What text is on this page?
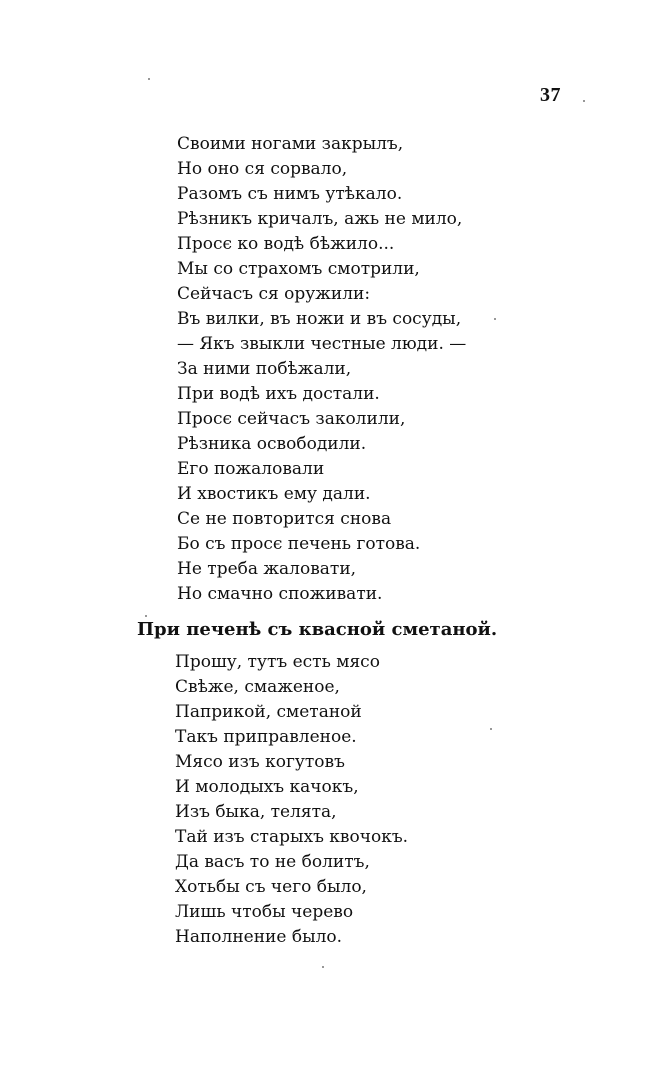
37
Своими ногами закрылъ,
Но оно ся сорвало,
Разомъ съ нимъ утѣкало.
Рѣзникъ кричалъ, ажь не мило,
Просє ко водѣ бѣжило...
Мы со страхомъ смотрили,
Сейчасъ ся оружили:
Въ вилки, въ ножи и въ сосуды,
— Якъ звыкли честные люди. —
За ними побѣжали,
При водѣ ихъ достали.
Просє сейчасъ заколили,
Рѣзника освободили.
Его пожаловали
И хвостикъ ему дали.
Се не повторится снова
Бо съ просє печень готова.
Не треба жаловати,
Но смачно споживати.
При печенѣ съ квасной сметаной.
Прошу, тутъ есть мясо
Свѣже, смаженое,
Паприкой, сметаной
Такъ приправленое.
Мясо изъ когутовъ
И молодыхъ качокъ,
Изъ быка, телята,
Тай изъ старыхъ квочокъ.
Да васъ то не болитъ,
Хотьбы съ чего было,
Лишь чтобы черево
Наполнение было.
